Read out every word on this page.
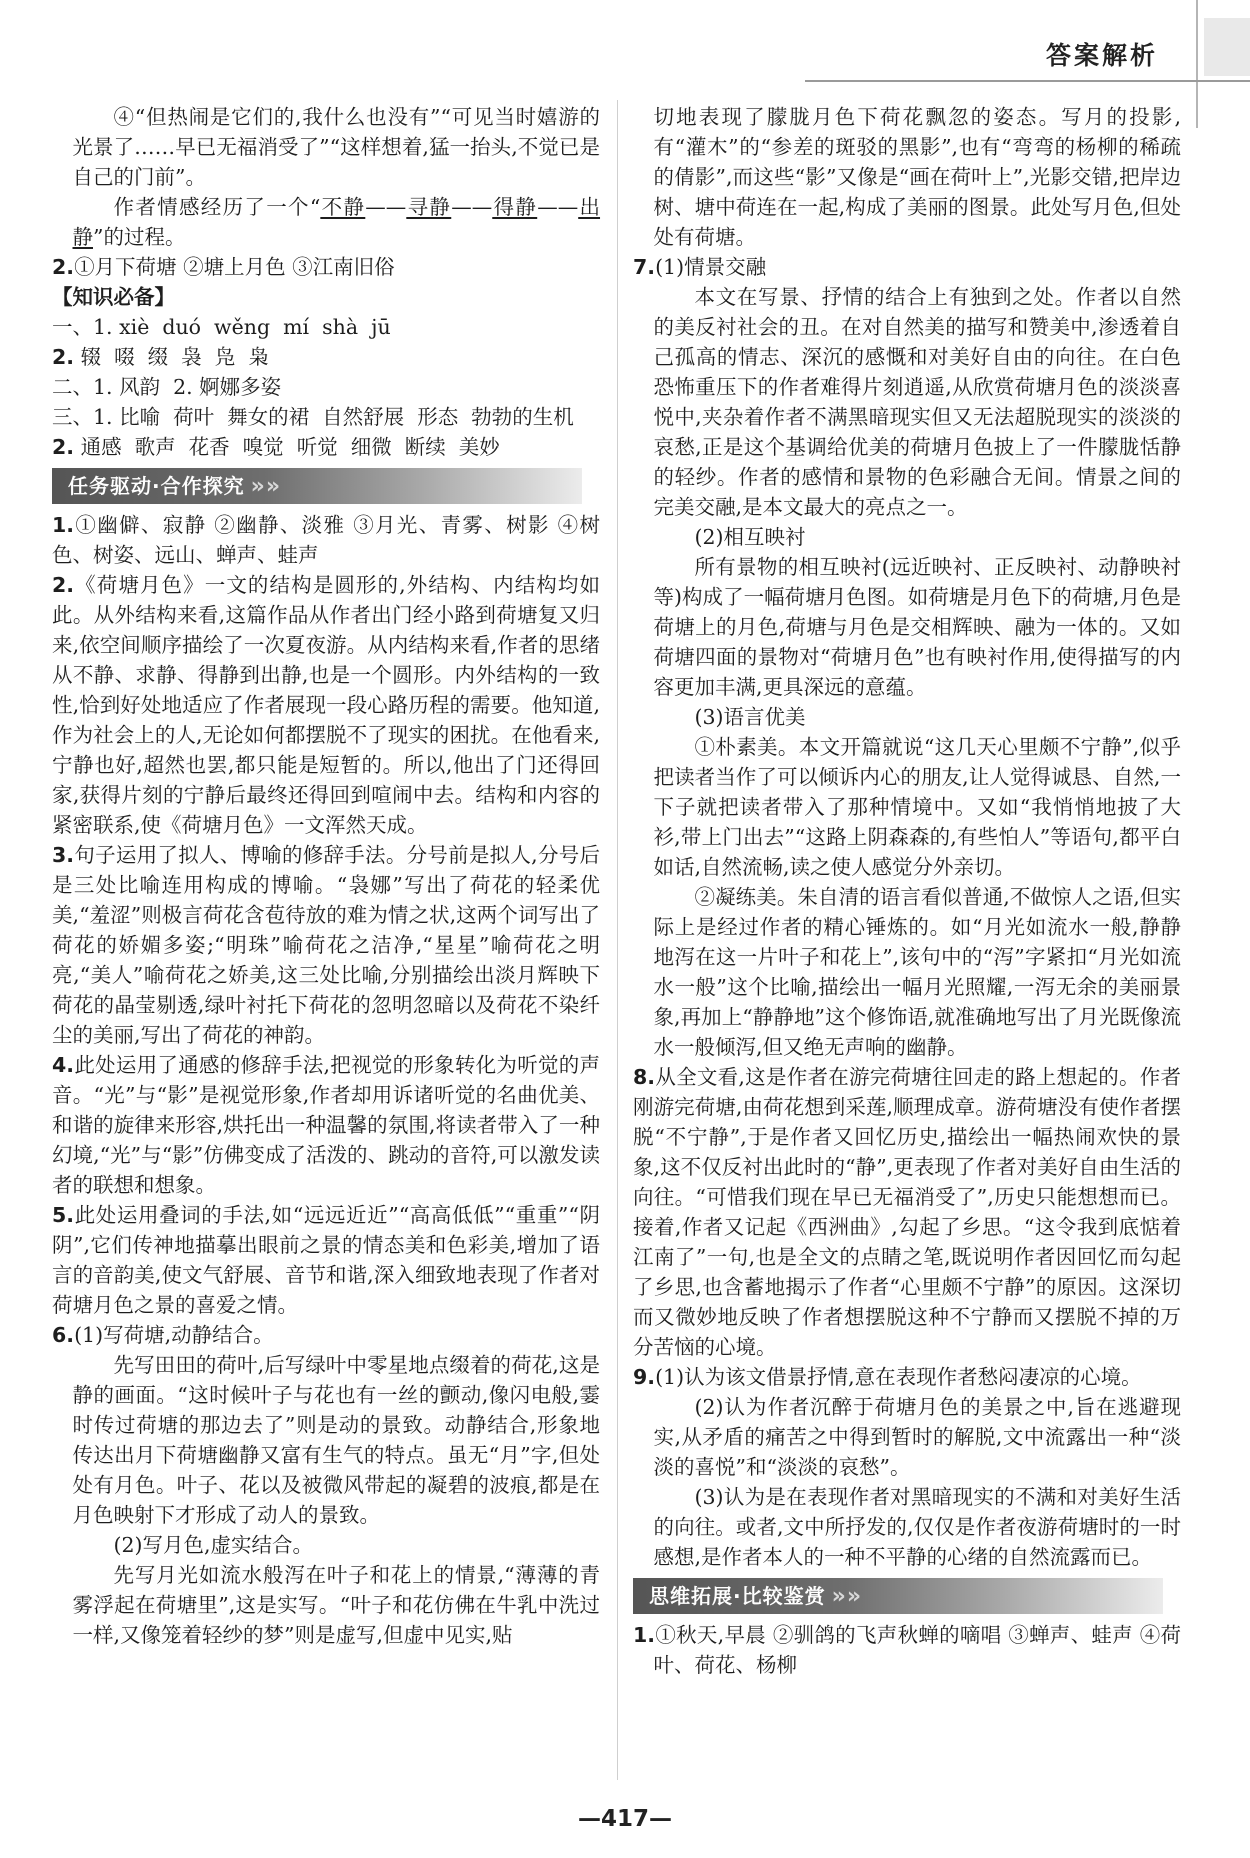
答案解析

④“但热闹是它们的,我什么也没有”“可见当时嬉游的光景了……早已无福消受了”“这样想着,猛一抬头,不觉已是自己的门前”。

作者情感经历了一个“不静——寻静——得静——出静”的过程。

2.①月下荷塘 ②塘上月色 ③江南旧俗

【知识必备】

一、1. xiè  duó  wěng  mí  shà  jū

2. 辍  啜  缀  袅  凫  枭

二、1. 风韵  2. 婀娜多姿

三、1. 比喻  荷叶  舞女的裙  自然舒展  形态  勃勃的生机

2. 通感  歌声  花香  嗅觉  听觉  细微  断续  美妙

任务驱动·合作探究»»

1.①幽僻、寂静 ②幽静、淡雅 ③月光、青雾、树影 ④树色、树姿、远山、蝉声、蛙声

2.《荷塘月色》一文的结构是圆形的,外结构、内结构均如此。从外结构来看,这篇作品从作者出门经小路到荷塘复又归来,依空间顺序描绘了一次夏夜游。从内结构来看,作者的思绪从不静、求静、得静到出静,也是一个圆形。内外结构的一致性,恰到好处地适应了作者展现一段心路历程的需要。他知道,作为社会上的人,无论如何都摆脱不了现实的困扰。在他看来,宁静也好,超然也罢,都只能是短暂的。所以,他出了门还得回家,获得片刻的宁静后最终还得回到喧闹中去。结构和内容的紧密联系,使《荷塘月色》一文浑然天成。

3.句子运用了拟人、博喻的修辞手法。分号前是拟人,分号后是三处比喻连用构成的博喻。“袅娜”写出了荷花的轻柔优美,“羞涩”则极言荷花含苞待放的难为情之状,这两个词写出了荷花的娇媚多姿;“明珠”喻荷花之洁净,“星星”喻荷花之明亮,“美人”喻荷花之娇美,这三处比喻,分别描绘出淡月辉映下荷花的晶莹剔透,绿叶衬托下荷花的忽明忽暗以及荷花不染纤尘的美丽,写出了荷花的神韵。

4.此处运用了通感的修辞手法,把视觉的形象转化为听觉的声音。“光”与“影”是视觉形象,作者却用诉诸听觉的名曲优美、和谐的旋律来形容,烘托出一种温馨的氛围,将读者带入了一种幻境,“光”与“影”仿佛变成了活泼的、跳动的音符,可以激发读者的联想和想象。

5.此处运用叠词的手法,如“远远近近”“高高低低”“重重”“阴阴”,它们传神地描摹出眼前之景的情态美和色彩美,增加了语言的音韵美,使文气舒展、音节和谐,深入细致地表现了作者对荷塘月色之景的喜爱之情。

6.(1)写荷塘,动静结合。

先写田田的荷叶,后写绿叶中零星地点缀着的荷花,这是静的画面。“这时候叶子与花也有一丝的颤动,像闪电般,霎时传过荷塘的那边去了”则是动的景致。动静结合,形象地传达出月下荷塘幽静又富有生气的特点。虽无“月”字,但处处有月色。叶子、花以及被微风带起的凝碧的波痕,都是在月色映射下才形成了动人的景致。

(2)写月色,虚实结合。

先写月光如流水般泻在叶子和花上的情景,“薄薄的青雾浮起在荷塘里”,这是实写。“叶子和花仿佛在牛乳中洗过一样,又像笼着轻纱的梦”则是虚写,但虚中见实,贴

切地表现了朦胧月色下荷花飘忽的姿态。写月的投影,有“灌木”的“参差的斑驳的黑影”,也有“弯弯的杨柳的稀疏的倩影”,而这些“影”又像是“画在荷叶上”,光影交错,把岸边树、塘中荷连在一起,构成了美丽的图景。此处写月色,但处处有荷塘。

7.(1)情景交融

本文在写景、抒情的结合上有独到之处。作者以自然的美反衬社会的丑。在对自然美的描写和赞美中,渗透着自己孤高的情志、深沉的感慨和对美好自由的向往。在白色恐怖重压下的作者难得片刻逍遥,从欣赏荷塘月色的淡淡喜悦中,夹杂着作者不满黑暗现实但又无法超脱现实的淡淡的哀愁,正是这个基调给优美的荷塘月色披上了一件朦胧恬静的轻纱。作者的感情和景物的色彩融合无间。情景之间的完美交融,是本文最大的亮点之一。

(2)相互映衬

所有景物的相互映衬(远近映衬、正反映衬、动静映衬等)构成了一幅荷塘月色图。如荷塘是月色下的荷塘,月色是荷塘上的月色,荷塘与月色是交相辉映、融为一体的。又如荷塘四面的景物对“荷塘月色”也有映衬作用,使得描写的内容更加丰满,更具深远的意蕴。

(3)语言优美

①朴素美。本文开篇就说“这几天心里颇不宁静”,似乎把读者当作了可以倾诉内心的朋友,让人觉得诚恳、自然,一下子就把读者带入了那种情境中。又如“我悄悄地披了大衫,带上门出去”“这路上阴森森的,有些怕人”等语句,都平白如话,自然流畅,读之使人感觉分外亲切。

②凝练美。朱自清的语言看似普通,不做惊人之语,但实际上是经过作者的精心锤炼的。如“月光如流水一般,静静地泻在这一片叶子和花上”,该句中的“泻”字紧扣“月光如流水一般”这个比喻,描绘出一幅月光照耀,一泻无余的美丽景象,再加上“静静地”这个修饰语,就准确地写出了月光既像流水一般倾泻,但又绝无声响的幽静。

8.从全文看,这是作者在游完荷塘往回走的路上想起的。作者刚游完荷塘,由荷花想到采莲,顺理成章。游荷塘没有使作者摆脱“不宁静”,于是作者又回忆历史,描绘出一幅热闹欢快的景象,这不仅反衬出此时的“静”,更表现了作者对美好自由生活的向往。“可惜我们现在早已无福消受了”,历史只能想想而已。接着,作者又记起《西洲曲》,勾起了乡思。“这令我到底惦着江南了”一句,也是全文的点睛之笔,既说明作者因回忆而勾起了乡思,也含蓄地揭示了作者“心里颇不宁静”的原因。这深切而又微妙地反映了作者想摆脱这种不宁静而又摆脱不掉的万分苦恼的心境。

9.(1)认为该文借景抒情,意在表现作者愁闷凄凉的心境。

(2)认为作者沉醉于荷塘月色的美景之中,旨在逃避现实,从矛盾的痛苦之中得到暂时的解脱,文中流露出一种“淡淡的喜悦”和“淡淡的哀愁”。

(3)认为是在表现作者对黑暗现实的不满和对美好生活的向往。或者,文中所抒发的,仅仅是作者夜游荷塘时的一时感想,是作者本人的一种不平静的心绪的自然流露而已。

思维拓展·比较鉴赏»»

1.①秋天,早晨 ②驯鸽的飞声秋蝉的嘀唱 ③蝉声、蛙声 ④荷叶、荷花、杨柳

—417—
